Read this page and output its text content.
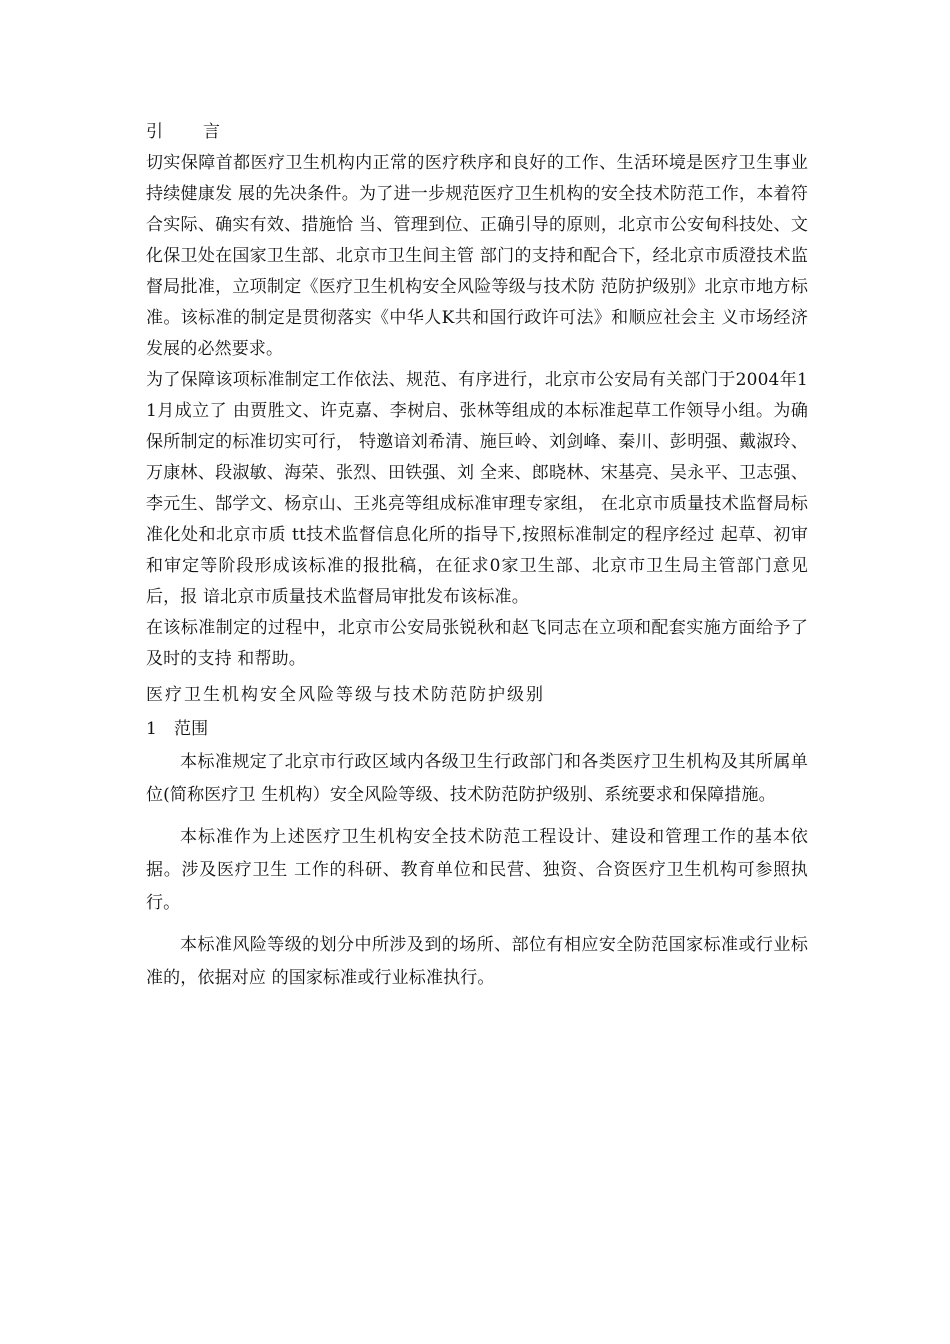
引言

切实保障首都医疗卫生机构内正常的医疗秩序和良好的工作、生活环境是医疗卫生事业持续健康发 展的先决条件。为了进一步规范医疗卫生机构的安全技术防范工作，本着符合实际、确实有效、措施恰 当、管理到位、正确引导的原则，北京市公安甸科技处、文化保卫处在国家卫生部、北京市卫生间主管 部门的支持和配合下，经北京市质澄技术监督局批准，立项制定《医疗卫生机构安全风险等级与技术防 范防护级别》北京市地方标准。该标准的制定是贯彻落实《中华人K共和国行政许可法》和顺应社会主 义市场经济发展的必然要求。

为了保障该项标准制定工作依法、规范、有序进行，北京市公安局有关部门于2004年11月成立了 由贾胜文、许克嘉、李树启、张林等组成的本标准起草工作领导小组。为确保所制定的标准切实可行， 特邀谙刘希清、施巨岭、刘剑峰、秦川、彭明强、戴淑玲、万康林、段淑敏、海荣、张烈、田铁强、刘 全来、郎晓林、宋基亮、吴永平、卫志强、李元生、郜学文、杨京山、王兆亮等组成标准审理专家组， 在北京市质量技术监督局标准化处和北京市质 tt技术监督信息化所的指导下,按照标准制定的程序经过 起草、初审和审定等阶段形成该标准的报批稿，在征求0家卫生部、北京市卫生局主管部门意见后，报 谙北京市质量技术监督局审批发布该标准。

在该标准制定的过程中，北京市公安局张锐秋和赵飞同志在立项和配套实施方面给予了及时的支持 和帮助。

医疗卫生机构安全风险等级与技术防范防护级别

1 范围

本标准规定了北京市行政区域内各级卫生行政部门和各类医疗卫生机构及其所属单位(简称医疗卫 生机构）安全风险等级、技术防范防护级别、系统要求和保障措施。

本标准作为上述医疗卫生机构安全技术防范工程设计、建设和管理工作的基本依据。涉及医疗卫生 工作的科研、教育单位和民营、独资、合资医疗卫生机构可参照执行。

本标准风险等级的划分中所涉及到的场所、部位有相应安全防范国家标准或行业标准的，依据对应 的国家标准或行业标准执行。
